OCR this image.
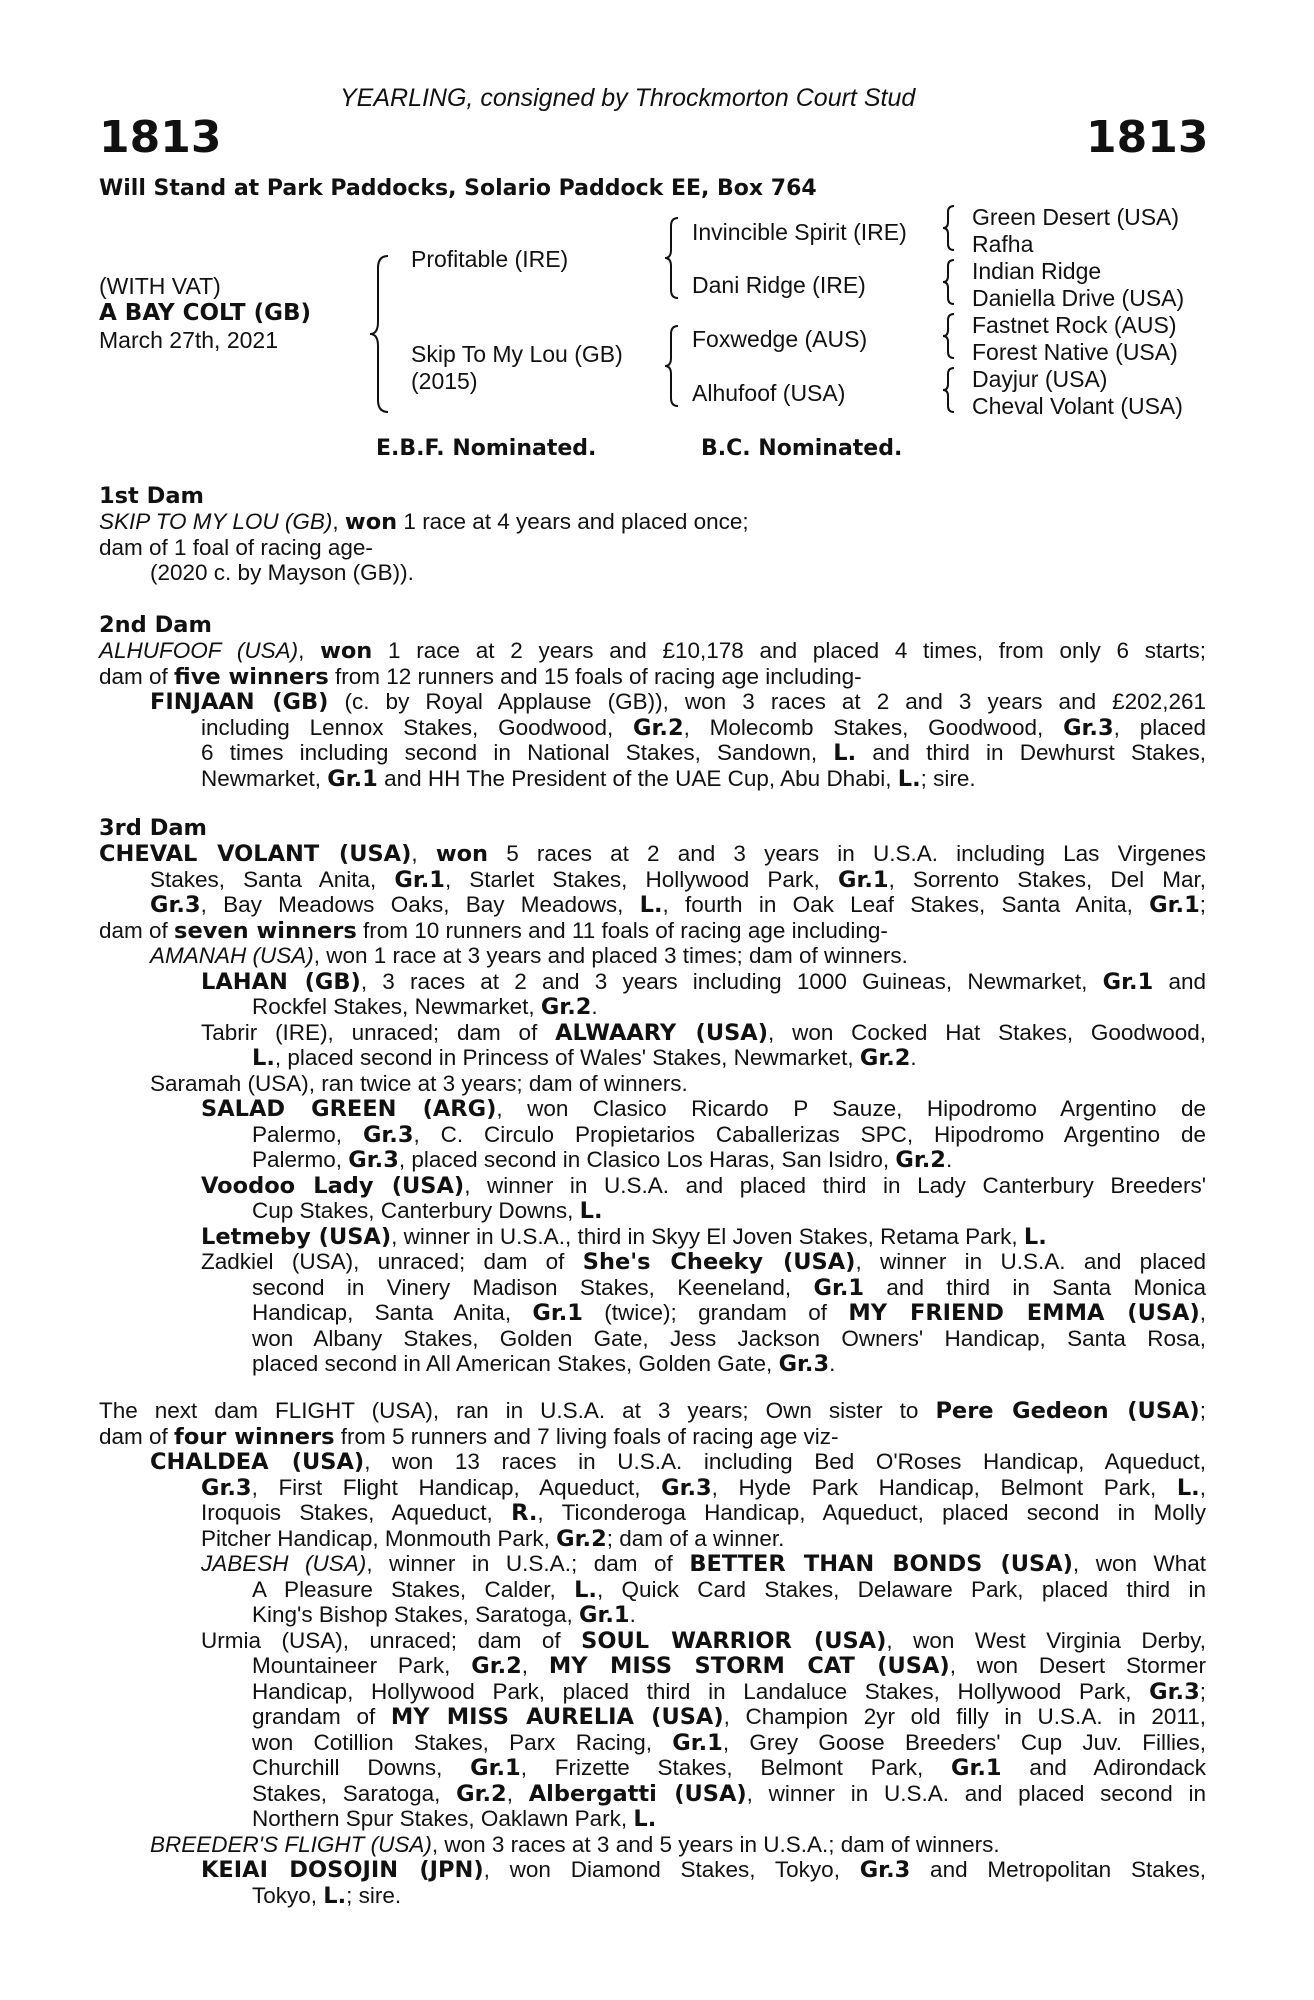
YEARLING, consigned by Throckmorton Court Stud
1813	1813
Will Stand at Park Paddocks, Solario Paddock EE, Box 764
(WITH VAT)
A BAY COLT (GB)
March 27th, 2021
Profitable (IRE)
Skip To My Lou (GB)
(2015)
Invincible Spirit (IRE)
Dani Ridge (IRE)
Foxwedge (AUS)
Alhufoof (USA)
Green Desert (USA)
Rafha
Indian Ridge
Daniella Drive (USA)
Fastnet Rock (AUS)
Forest Native (USA)
Dayjur (USA)
Cheval Volant (USA)
E.B.F. Nominated.	B.C. Nominated.
1st Dam
SKIP TO MY LOU (GB), won 1 race at 4 years and placed once;
dam of 1 foal of racing age-
(2020 c. by Mayson (GB)).
2nd Dam
ALHUFOOF (USA), won 1 race at 2 years and £10,178 and placed 4 times, from only 6 starts;
dam of five winners from 12 runners and 15 foals of racing age including-
FINJAAN (GB) (c. by Royal Applause (GB)), won 3 races at 2 and 3 years and £202,261
including Lennox Stakes, Goodwood, Gr.2, Molecomb Stakes, Goodwood, Gr.3, placed
6 times including second in National Stakes, Sandown, L. and third in Dewhurst Stakes,
Newmarket, Gr.1 and HH The President of the UAE Cup, Abu Dhabi, L.; sire.
3rd Dam
CHEVAL VOLANT (USA), won 5 races at 2 and 3 years in U.S.A. including Las Virgenes
Stakes, Santa Anita, Gr.1, Starlet Stakes, Hollywood Park, Gr.1, Sorrento Stakes, Del Mar,
Gr.3, Bay Meadows Oaks, Bay Meadows, L., fourth in Oak Leaf Stakes, Santa Anita, Gr.1;
dam of seven winners from 10 runners and 11 foals of racing age including-
AMANAH (USA), won 1 race at 3 years and placed 3 times; dam of winners.
LAHAN (GB), 3 races at 2 and 3 years including 1000 Guineas, Newmarket, Gr.1 and
Rockfel Stakes, Newmarket, Gr.2.
Tabrir (IRE), unraced; dam of ALWAARY (USA), won Cocked Hat Stakes, Goodwood,
L., placed second in Princess of Wales' Stakes, Newmarket, Gr.2.
Saramah (USA), ran twice at 3 years; dam of winners.
SALAD GREEN (ARG), won Clasico Ricardo P Sauze, Hipodromo Argentino de
Palermo, Gr.3, C. Circulo Propietarios Caballerizas SPC, Hipodromo Argentino de
Palermo, Gr.3, placed second in Clasico Los Haras, San Isidro, Gr.2.
Voodoo Lady (USA), winner in U.S.A. and placed third in Lady Canterbury Breeders'
Cup Stakes, Canterbury Downs, L.
Letmeby (USA), winner in U.S.A., third in Skyy El Joven Stakes, Retama Park, L.
Zadkiel (USA), unraced; dam of She's Cheeky (USA), winner in U.S.A. and placed
second in Vinery Madison Stakes, Keeneland, Gr.1 and third in Santa Monica
Handicap, Santa Anita, Gr.1 (twice); grandam of MY FRIEND EMMA (USA),
won Albany Stakes, Golden Gate, Jess Jackson Owners' Handicap, Santa Rosa,
placed second in All American Stakes, Golden Gate, Gr.3.
The next dam FLIGHT (USA), ran in U.S.A. at 3 years; Own sister to Pere Gedeon (USA);
dam of four winners from 5 runners and 7 living foals of racing age viz-
CHALDEA (USA), won 13 races in U.S.A. including Bed O'Roses Handicap, Aqueduct,
Gr.3, First Flight Handicap, Aqueduct, Gr.3, Hyde Park Handicap, Belmont Park, L.,
Iroquois Stakes, Aqueduct, R., Ticonderoga Handicap, Aqueduct, placed second in Molly
Pitcher Handicap, Monmouth Park, Gr.2; dam of a winner.
JABESH (USA), winner in U.S.A.; dam of BETTER THAN BONDS (USA), won What
A Pleasure Stakes, Calder, L., Quick Card Stakes, Delaware Park, placed third in
King's Bishop Stakes, Saratoga, Gr.1.
Urmia (USA), unraced; dam of SOUL WARRIOR (USA), won West Virginia Derby,
Mountaineer Park, Gr.2, MY MISS STORM CAT (USA), won Desert Stormer
Handicap, Hollywood Park, placed third in Landaluce Stakes, Hollywood Park, Gr.3;
grandam of MY MISS AURELIA (USA), Champion 2yr old filly in U.S.A. in 2011,
won Cotillion Stakes, Parx Racing, Gr.1, Grey Goose Breeders' Cup Juv. Fillies,
Churchill Downs, Gr.1, Frizette Stakes, Belmont Park, Gr.1 and Adirondack
Stakes, Saratoga, Gr.2, Albergatti (USA), winner in U.S.A. and placed second in
Northern Spur Stakes, Oaklawn Park, L.
BREEDER'S FLIGHT (USA), won 3 races at 3 and 5 years in U.S.A.; dam of winners.
KEIAI DOSOJIN (JPN), won Diamond Stakes, Tokyo, Gr.3 and Metropolitan Stakes,
Tokyo, L.; sire.
